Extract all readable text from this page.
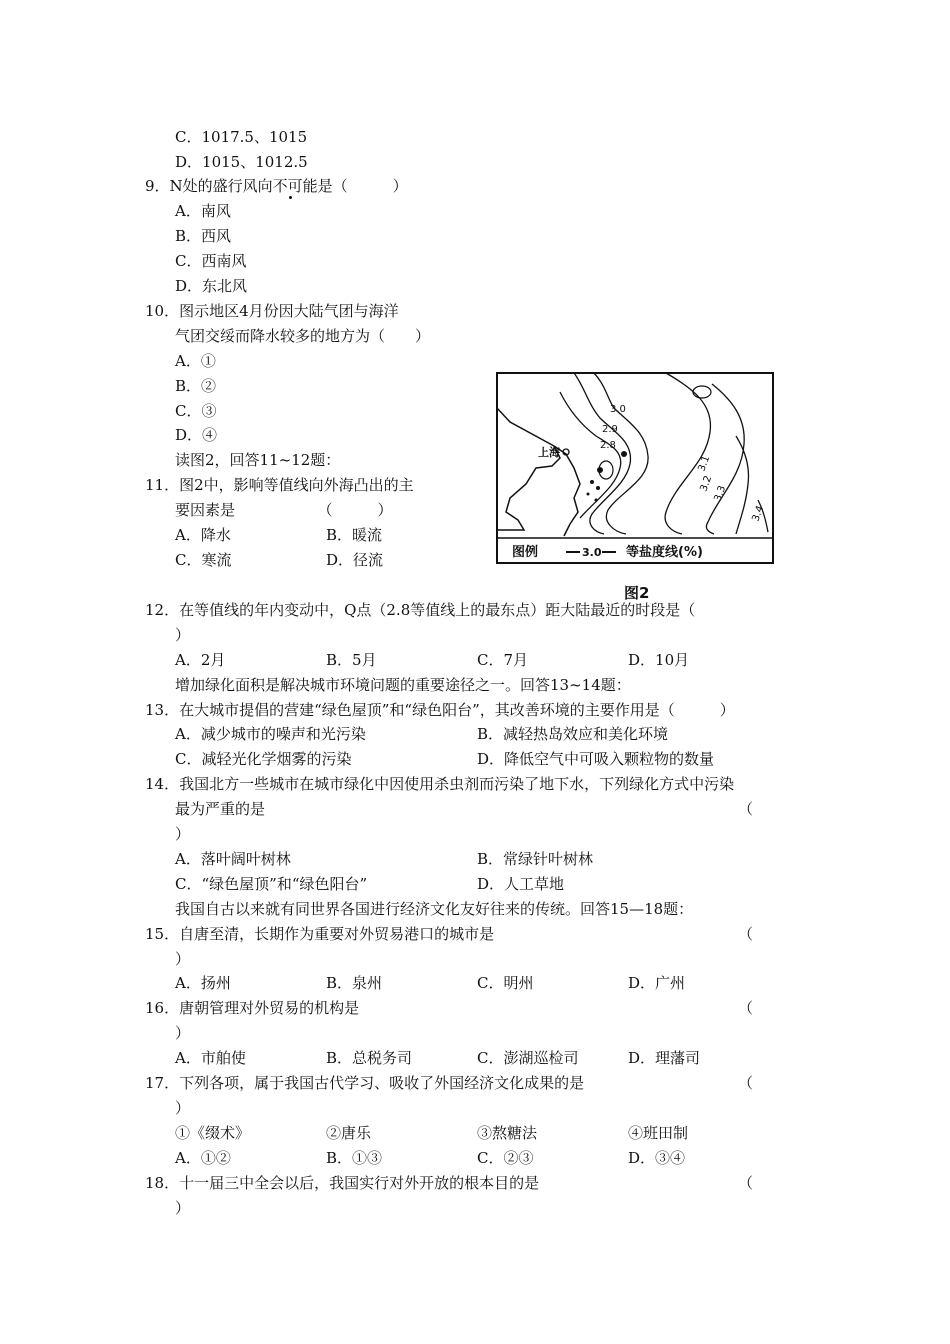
C．1017.5、1015
D．1015、1012.5
9．N处的盛行风向不可能是（　　　）
A．南风
B．西风
C．西南风
D．东北风
10．图示地区4月份因大陆气团与海洋
气团交绥而降水较多的地方为（　　）
A．①
B．②
C．③
D．④
读图2，回答11~12题：
11．图2中，影响等值线向外海凸出的主
要因素是　　　　　　（　　　）
A．降水	B．暖流
C．寒流	D．径流
12．在等值线的年内变动中，Q点（2.8等值线上的最东点）距大陆最近的时段是（
）
A．2月	B．5月	C．7月	D．10月
增加绿化面积是解决城市环境问题的重要途径之一。回答13~14题：
13．在大城市提倡的营建“绿色屋顶”和“绿色阳台”，其改善环境的主要作用是（　　　）
A．减少城市的噪声和光污染	B．减轻热岛效应和美化环境
C．减轻光化学烟雾的污染	D．降低空气中可吸入颗粒物的数量
14．我国北方一些城市在城市绿化中因使用杀虫剂而污染了地下水，下列绿化方式中污染
最为严重的是	（
）
A．落叶阔叶树林	B．常绿针叶树林
C．“绿色屋顶”和“绿色阳台”	D．人工草地
我国自古以来就有同世界各国进行经济文化友好往来的传统。回答15—18题：
15．自唐至清，长期作为重要对外贸易港口的城市是	（
）
A．扬州	B．泉州	C．明州	D．广州
16．唐朝管理对外贸易的机构是	（
）
A．市舶使	B．总税务司	C．澎湖巡检司	D．理藩司
17．下列各项，属于我国古代学习、吸收了外国经济文化成果的是	（
）
①《缀术》	②唐乐	③熬糖法	④班田制
A．①②	B．①③	C．②③	D．③④
18．十一届三中全会以后，我国实行对外开放的根本目的是	（
）
3.0
2.9
2.8
3.1
3.2
3.3
3.4
上海
图例	3.0 等盐度线(%)
图2
